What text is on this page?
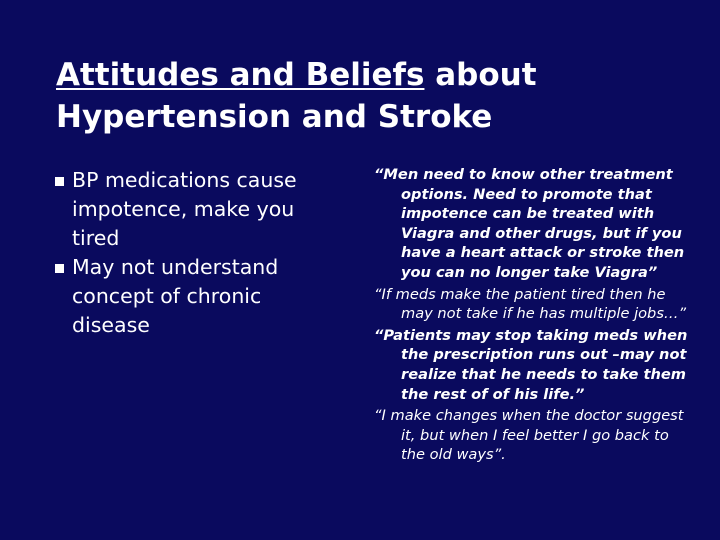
Attitudes and Beliefs about
Hypertension and Stroke
BP medications cause impotence, make you tired
May not understand concept of chronic disease

“Men need to know other treatment options. Need to promote that impotence can be treated with Viagra and other drugs, but if you have a heart attack or stroke then you can no longer take Viagra”

“If meds make the patient tired then he may not take if he has multiple jobs…”

“Patients may stop taking meds when the prescription runs out –may not realize that he needs to take them the rest of of his life.”

“I make changes when the doctor suggest it, but when I feel better I go back to the old ways”.
